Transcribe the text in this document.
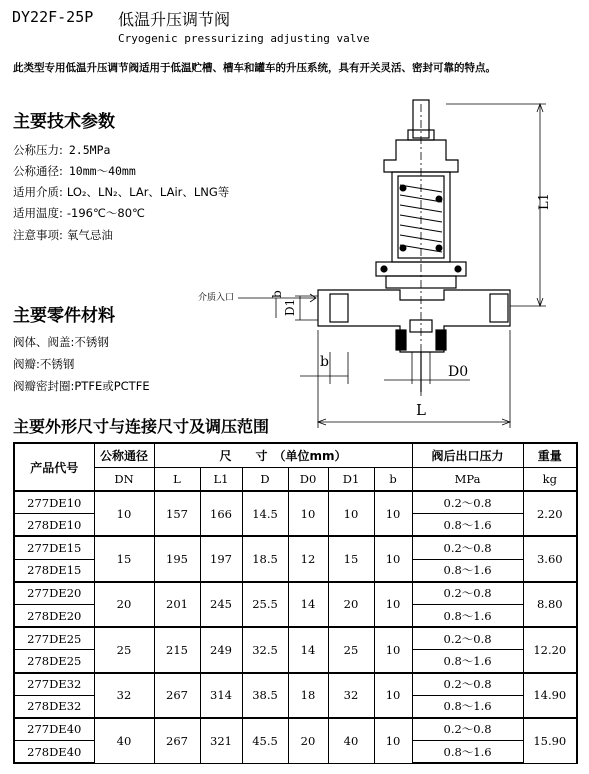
DY22F-25P 低温升压调节阀
Cryogenic pressurizing adjusting valve
此类型专用低温升压调节阀适用于低温贮槽、槽车和罐车的升压系统，具有开关灵活、密封可靠的特点。
主要技术参数
公称压力: 2.5MPa
公称通径: 10mm～40mm
适用介质: LO₂、LN₂、LAr、LAir、LNG等
适用温度: -196℃～80℃
注意事项: 氧气忌油
主要零件材料
阀体、阀盖:不锈钢
阀瓣:不锈钢
阀瓣密封圈:PTFE或PCTFE
介质入口
L1
D1
b
b
D0
L
主要外形尺寸与连接尺寸及调压范围
产品代号	公称通径	尺　　寸　（单位mm）						阀后出口压力	重量
	DN	L	L1	D	D0	D1	b	MPa	kg
277DE10	10	157	166	14.5	10	10	10	0.2～0.8	2.20
278DE10								0.8～1.6	
277DE15	15	195	197	18.5	12	15	10	0.2～0.8	3.60
278DE15								0.8～1.6	
277DE20	20	201	245	25.5	14	20	10	0.2～0.8	8.80
278DE20								0.8～1.6	
277DE25	25	215	249	32.5	14	25	10	0.2～0.8	12.20
278DE25								0.8～1.6	
277DE32	32	267	314	38.5	18	32	10	0.2～0.8	14.90
278DE32								0.8～1.6	
277DE40	40	267	321	45.5	20	40	10	0.2～0.8	15.90
278DE40								0.8～1.6	
